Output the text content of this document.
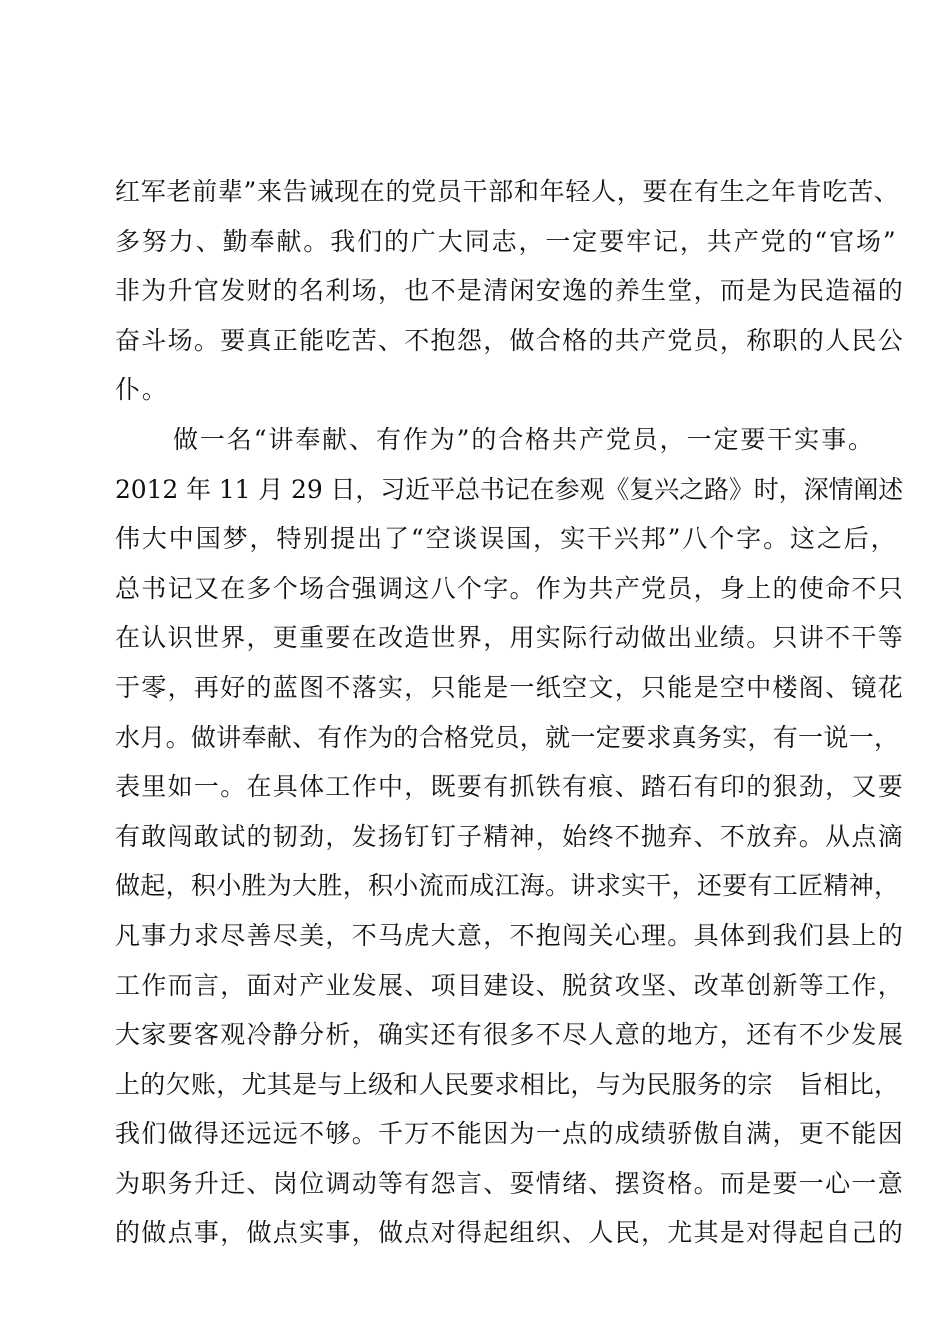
红军老前辈”来告诫现在的党员干部和年轻人，要在有生之年肯吃苦、
多努力、勤奉献。我们的广大同志，一定要牢记，共产党的“官场”
非为升官发财的名利场，也不是清闲安逸的养生堂，而是为民造福的
奋斗场。要真正能吃苦、不抱怨，做合格的共产党员，称职的人民公
仆。
做一名“讲奉献、有作为”的合格共产党员，一定要干实事。
2012 年 11 月 29 日，习近平总书记在参观《复兴之路》时，深情阐述
伟大中国梦，特别提出了“空谈误国，实干兴邦”八个字。这之后，
总书记又在多个场合强调这八个字。作为共产党员，身上的使命不只
在认识世界，更重要在改造世界，用实际行动做出业绩。只讲不干等
于零，再好的蓝图不落实，只能是一纸空文，只能是空中楼阁、镜花
水月。做讲奉献、有作为的合格党员，就一定要求真务实，有一说一，
表里如一。在具体工作中，既要有抓铁有痕、踏石有印的狠劲，又要
有敢闯敢试的韧劲，发扬钉钉子精神，始终不抛弃、不放弃。从点滴
做起，积小胜为大胜，积小流而成江海。讲求实干，还要有工匠精神，
凡事力求尽善尽美，不马虎大意，不抱闯关心理。具体到我们县上的
工作而言，面对产业发展、项目建设、脱贫攻坚、改革创新等工作，
大家要客观冷静分析，确实还有很多不尽人意的地方，还有不少发展
上的欠账，尤其是与上级和人民要求相比，与为民服务的宗　旨相比，
我们做得还远远不够。千万不能因为一点的成绩骄傲自满，更不能因
为职务升迁、岗位调动等有怨言、耍情绪、摆资格。而是要一心一意
的做点事，做点实事，做点对得起组织、人民，尤其是对得起自己的
